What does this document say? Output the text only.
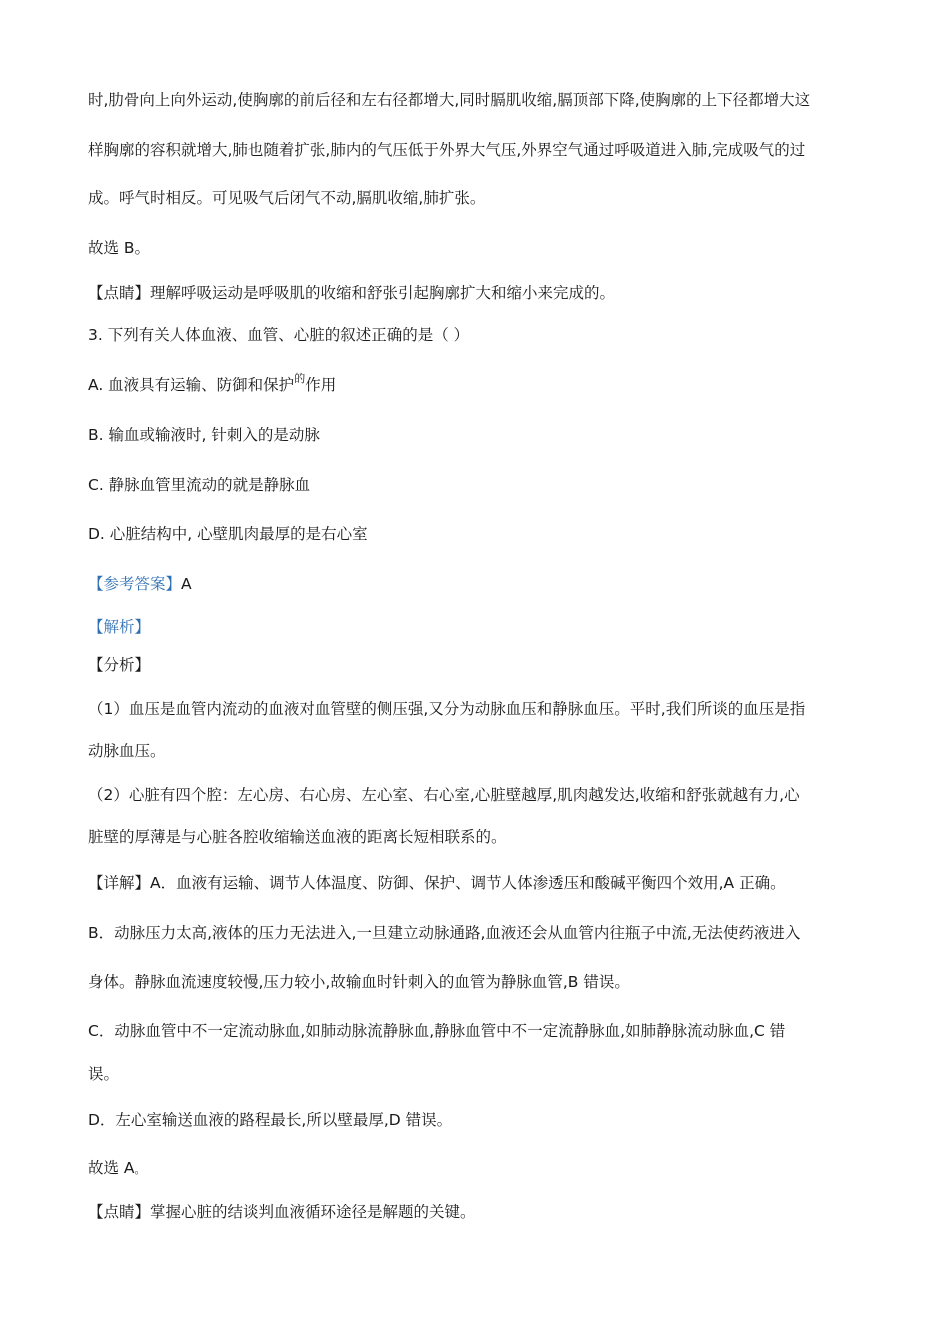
时,肋骨向上向外运动,使胸廓的前后径和左右径都增大,同时膈肌收缩,膈顶部下降,使胸廓的上下径都增大这
样胸廓的容积就增大,肺也随着扩张,肺内的气压低于外界大气压,外界空气通过呼吸道进入肺,完成吸气的过
成。呼气时相反。可见吸气后闭气不动,膈肌收缩,肺扩张。
故选 B。
【点睛】理解呼吸运动是呼吸肌的收缩和舒张引起胸廓扩大和缩小来完成的。
3. 下列有关人体血液、血管、心脏的叙述正确的是（ ）
A. 血液具有运输、防御和保护$^的$作用
B. 输血或输液时, 针刺入的是动脉
C. 静脉血管里流动的就是静脉血
D. 心脏结构中, 心壁肌肉最厚的是右心室
【参考答案】A
【解析】
【分析】
（1）血压是血管内流动的血液对血管壁的侧压强,又分为动脉血压和静脉血压。平时,我们所谈的血压是指
动脉血压。
（2）心脏有四个腔：左心房、右心房、左心室、右心室,心脏壁越厚,肌肉越发达,收缩和舒张就越有力,心
脏壁的厚薄是与心脏各腔收缩输送血液的距离长短相联系的。
【详解】A．血液有运输、调节人体温度、防御、保护、调节人体渗透压和酸碱平衡四个效用,A 正确。
B．动脉压力太高,液体的压力无法进入,一旦建立动脉通路,血液还会从血管内往瓶子中流,无法使药液进入
身体。静脉血流速度较慢,压力较小,故输血时针刺入的血管为静脉血管,B 错误。
C．动脉血管中不一定流动脉血,如肺动脉流静脉血,静脉血管中不一定流静脉血,如肺静脉流动脉血,C 错
误。
D．左心室输送血液的路程最长,所以壁最厚,D 错误。
故选 A。
【点睛】掌握心脏的结谈判血液循环途径是解题的关键。
